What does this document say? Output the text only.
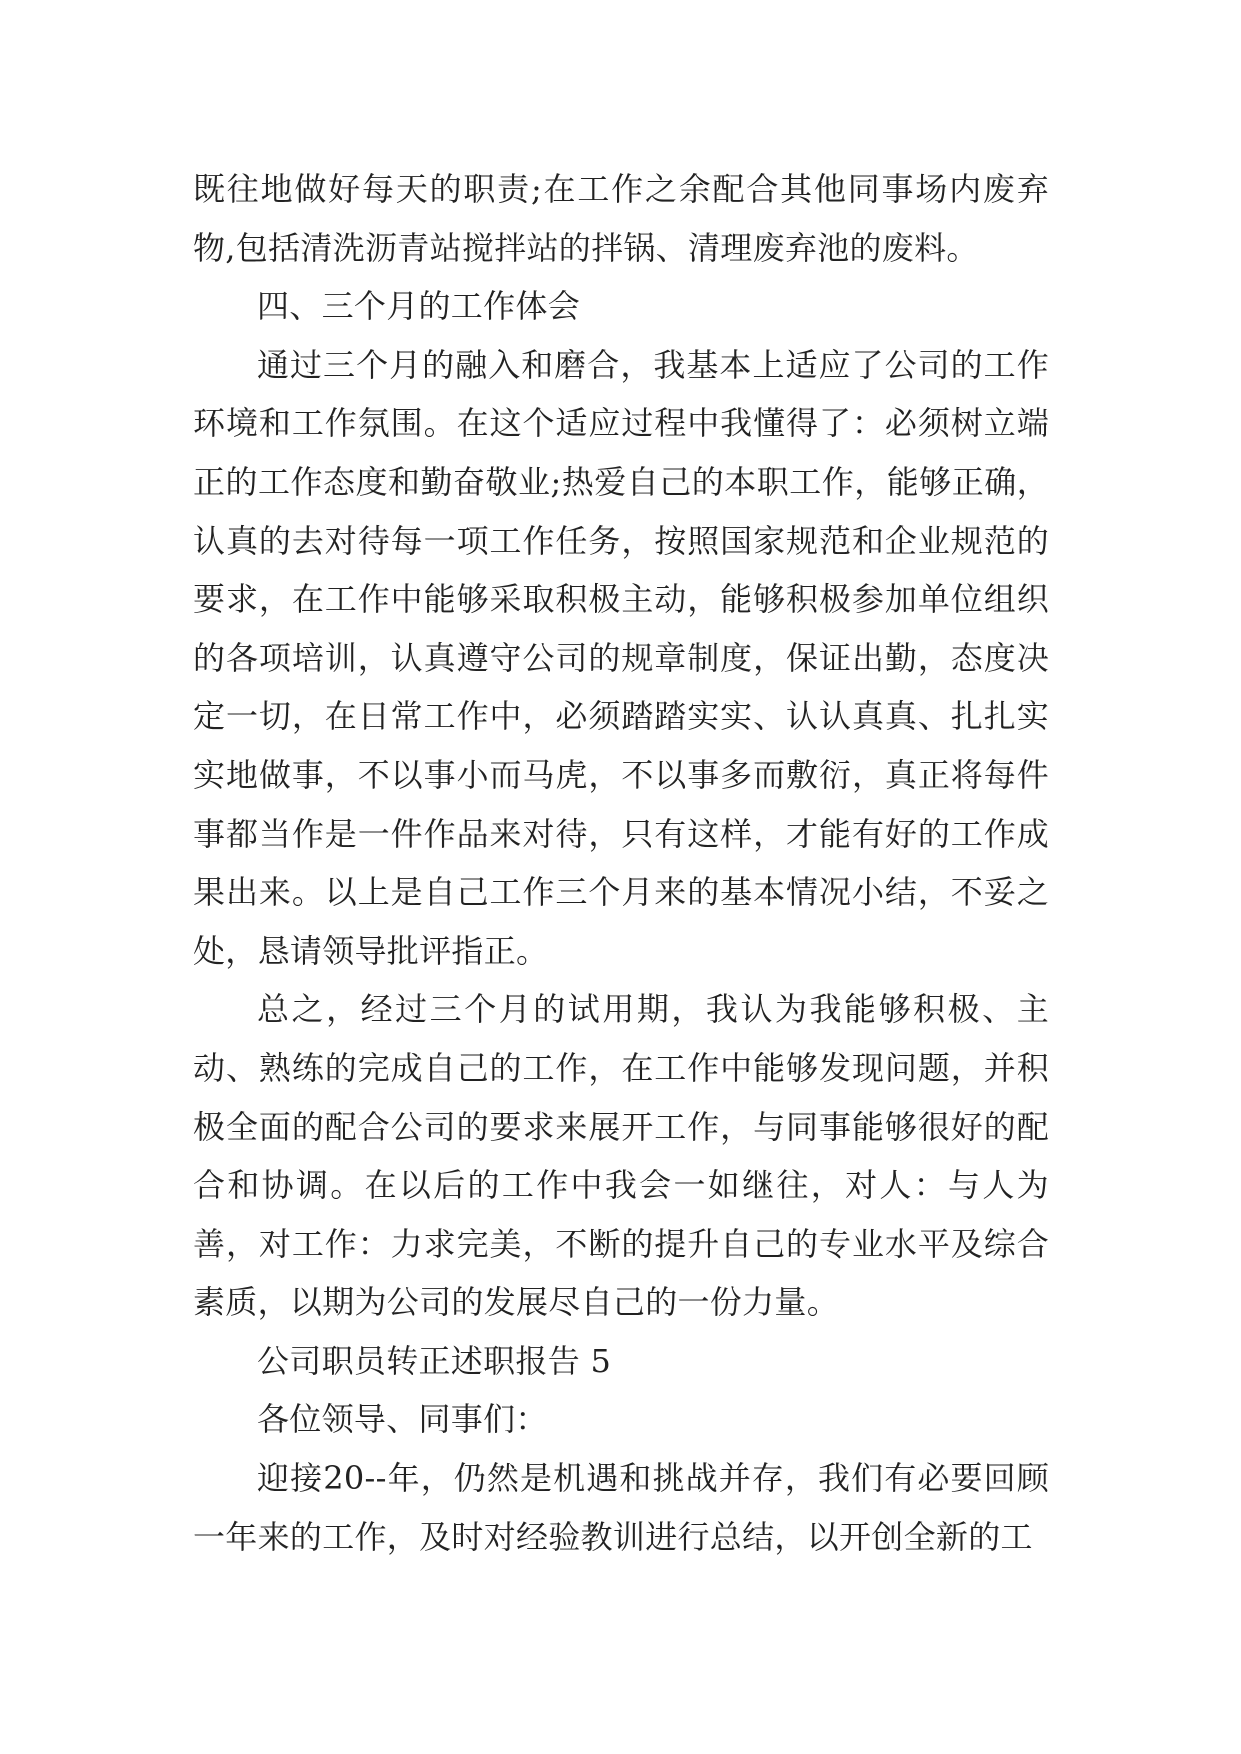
既往地做好每天的职责;在工作之余配合其他同事场内废弃物,包括清洗沥青站搅拌站的拌锅、清理废弃池的废料。

四、三个月的工作体会

通过三个月的融入和磨合，我基本上适应了公司的工作环境和工作氛围。在这个适应过程中我懂得了：必须树立端正的工作态度和勤奋敬业;热爱自己的本职工作，能够正确，认真的去对待每一项工作任务，按照国家规范和企业规范的要求，在工作中能够采取积极主动，能够积极参加单位组织的各项培训，认真遵守公司的规章制度，保证出勤，态度决定一切，在日常工作中，必须踏踏实实、认认真真、扎扎实实地做事，不以事小而马虎，不以事多而敷衍，真正将每件事都当作是一件作品来对待，只有这样，才能有好的工作成果出来。以上是自己工作三个月来的基本情况小结，不妥之处，恳请领导批评指正。

总之，经过三个月的试用期，我认为我能够积极、主动、熟练的完成自己的工作，在工作中能够发现问题，并积极全面的配合公司的要求来展开工作，与同事能够很好的配合和协调。在以后的工作中我会一如继往，对人：与人为善，对工作：力求完美，不断的提升自己的专业水平及综合素质，以期为公司的发展尽自己的一份力量。

公司职员转正述职报告 5

各位领导、同事们：

迎接20--年，仍然是机遇和挑战并存，我们有必要回顾一年来的工作，及时对经验教训进行总结，以开创全新的工
